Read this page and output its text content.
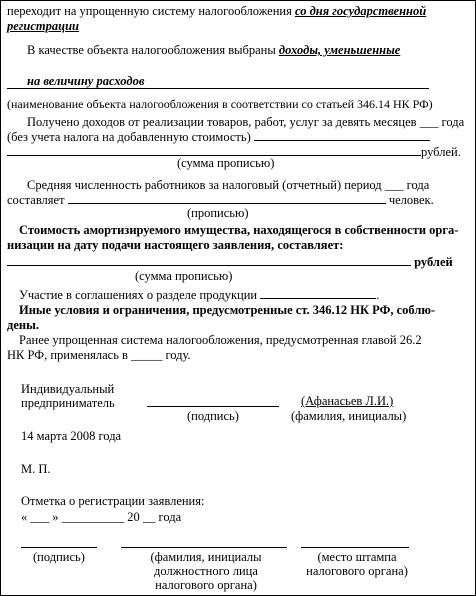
переходит на упрощенную систему налогообложения со дня государственной
регистрации
В качестве объекта налогообложения выбраны доходы, уменьшенные
на величину расходов
(наименование объекта налогообложения в соответствии со статьей 346.14 НК РФ)
Получено доходов от реализации товаров, работ, услуг за девять месяцев ___ года
(без учета налога на добавленную стоимость)
рублей.
(сумма прописью)
Средняя численность работников за налоговый (отчетный) период ___ года
составляет	человек.
(прописью)
Стоимость амортизируемого имущества, находящегося в собственности орга-
низации на дату подачи настоящего заявления, составляет:
рублей
(сумма прописью)
Участие в соглашениях о разделе продукции	.
Иные условия и ограничения, предусмотренные ст. 346.12 НК РФ, соблю-
дены.
Ранее упрощенная система налогообложения, предусмотренная главой 26.2
НК РФ, применялась в _____ году.
Индивидуальный
предприниматель	(Афанасьев Л.И.)
(подпись)	(фамилия, инициалы)
14 марта 2008 года
М. П.
Отметка о регистрации заявления:
« ___ » __________ 20 __ года
(подпись)	(фамилия, инициалы
должностного лица
налогового органа)
(место штампа
налогового органа)
